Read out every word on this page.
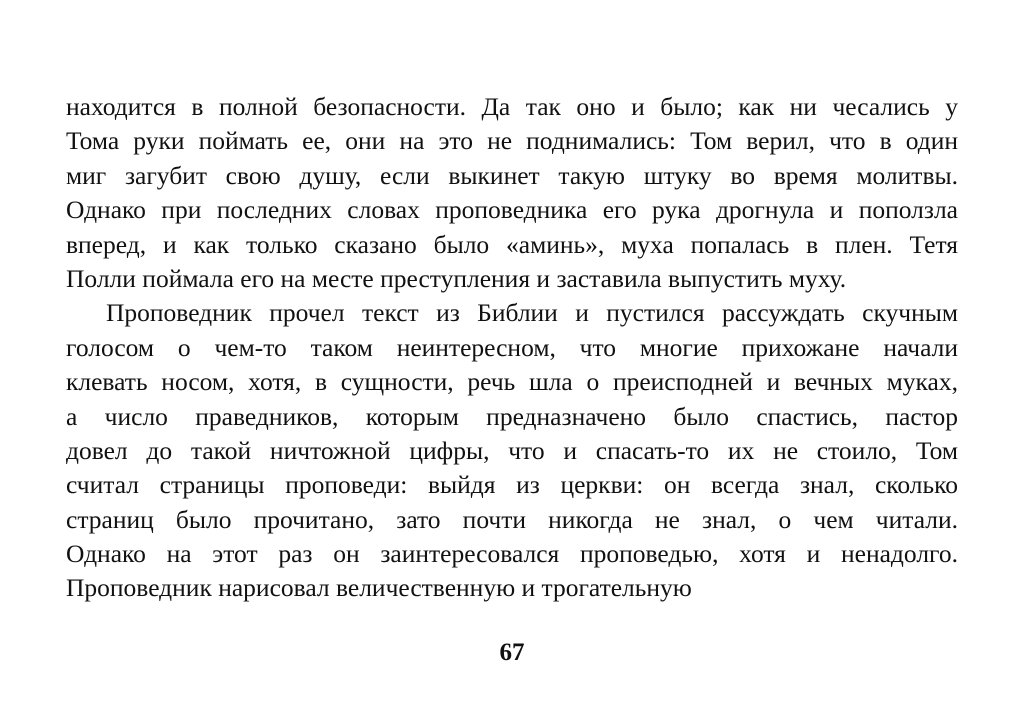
находится в полной безопасности. Да так оно и было; как ни чесались у
Тома руки поймать ее, они на это не поднимались: Том верил, что в один
миг загубит свою душу, если выкинет такую штуку во время молитвы.
Однако при последних словах проповедника его рука дрогнула и поползла
вперед, и как только сказано было «аминь», муха попалась в плен. Тетя
Полли поймала его на месте преступления и заставила выпустить муху.
Проповедник прочел текст из Библии и пустился рассуждать скучным
голосом о чем-то таком неинтересном, что многие прихожане начали
клевать носом, хотя, в сущности, речь шла о преисподней и вечных муках,
а число праведников, которым предназначено было спастись, пастор
довел до такой ничтожной цифры, что и спасать-то их не стоило, Том
считал страницы проповеди: выйдя из церкви: он всегда знал, сколько
страниц было прочитано, зато почти никогда не знал, о чем читали.
Однако на этот раз он заинтересовался проповедью, хотя и ненадолго.
Проповедник нарисовал величественную и трогательную
67
